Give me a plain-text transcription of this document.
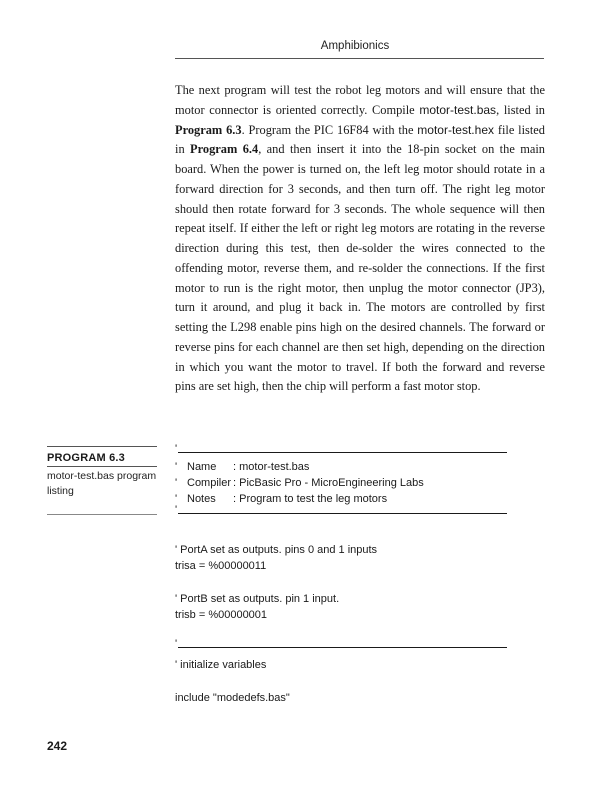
Amphibionics

The next program will test the robot leg motors and will ensure that the motor connector is oriented correctly. Compile motor-test.bas, listed in Program 6.3. Program the PIC 16F84 with the motor-test.hex file listed in Program 6.4, and then insert it into the 18-pin socket on the main board. When the power is turned on, the left leg motor should rotate in a forward direction for 3 seconds, and then turn off. The right leg motor should then rotate forward for 3 seconds. The whole sequence will then repeat itself. If either the left or right leg motors are rotating in the reverse direction during this test, then de-solder the wires connected to the offending motor, reverse them, and re-solder the connections. If the first motor to run is the right motor, then unplug the motor connector (JP3), turn it around, and plug it back in. The motors are controlled by first setting the L298 enable pins high on the desired channels. The forward or reverse pins for each channel are then set high, depending on the direction in which you want the motor to travel. If both the forward and reverse pins are set high, then the chip will perform a fast motor stop.

PROGRAM 6.3
motor-test.bas program listing
'
' Name : motor-test.bas
' Compiler : PicBasic Pro - MicroEngineering Labs
' Notes : Program to test the leg motors
'
' PortA set as outputs. pins 0 and 1 inputs
trisa = %00000011
' PortB set as outputs. pin 1 input.
trisb = %00000001
'
' initialize variables
include "modedefs.bas"
242
